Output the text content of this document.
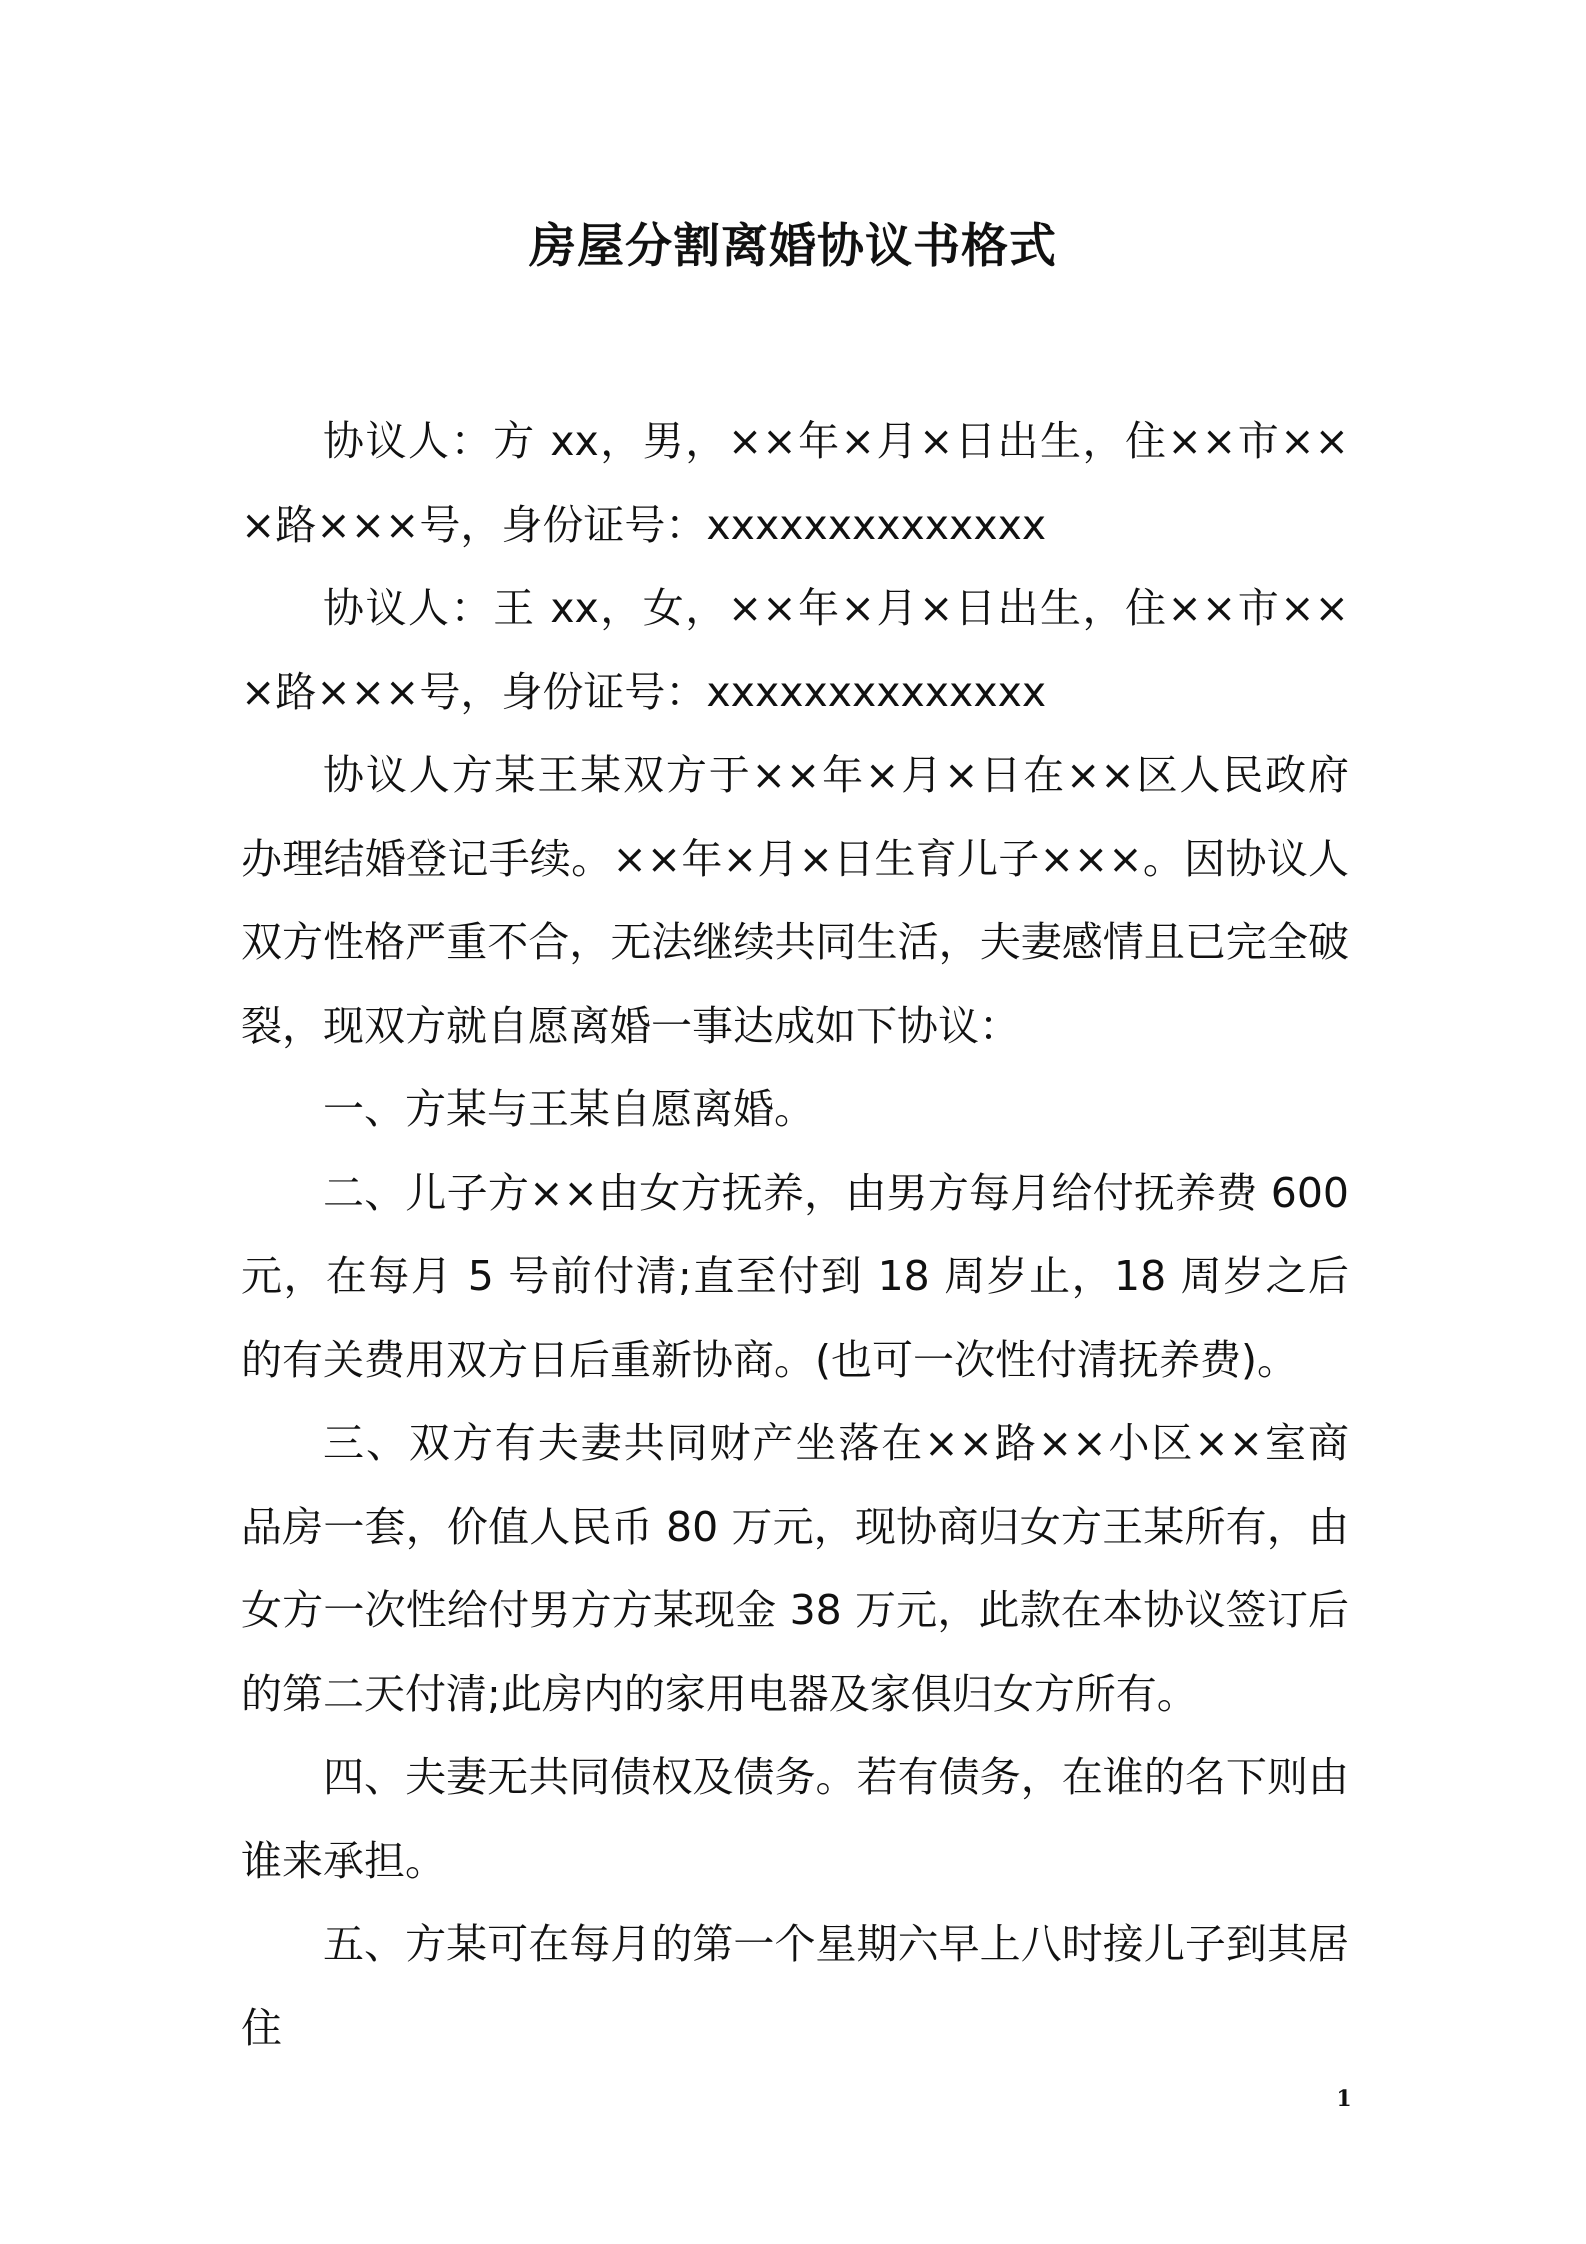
房屋分割离婚协议书格式

协议人：方 xx，男，××年×月×日出生，住××市×××路×××号，身份证号：xxxxxxxxxxxxxx

协议人：王 xx，女，××年×月×日出生，住××市×××路×××号，身份证号：xxxxxxxxxxxxxx

协议人方某王某双方于××年×月×日在××区人民政府办理结婚登记手续。××年×月×日生育儿子×××。因协议人双方性格严重不合，无法继续共同生活，夫妻感情且已完全破裂，现双方就自愿离婚一事达成如下协议：

一、方某与王某自愿离婚。

二、儿子方××由女方抚养，由男方每月给付抚养费 600 元，在每月 5 号前付清;直至付到 18 周岁止，18 周岁之后的有关费用双方日后重新协商。(也可一次性付清抚养费)。

三、双方有夫妻共同财产坐落在××路××小区××室商品房一套，价值人民币 80 万元，现协商归女方王某所有，由女方一次性给付男方方某现金 38 万元，此款在本协议签订后的第二天付清;此房内的家用电器及家俱归女方所有。

四、夫妻无共同债权及债务。若有债务，在谁的名下则由谁来承担。

五、方某可在每月的第一个星期六早上八时接儿子到其居住

1
